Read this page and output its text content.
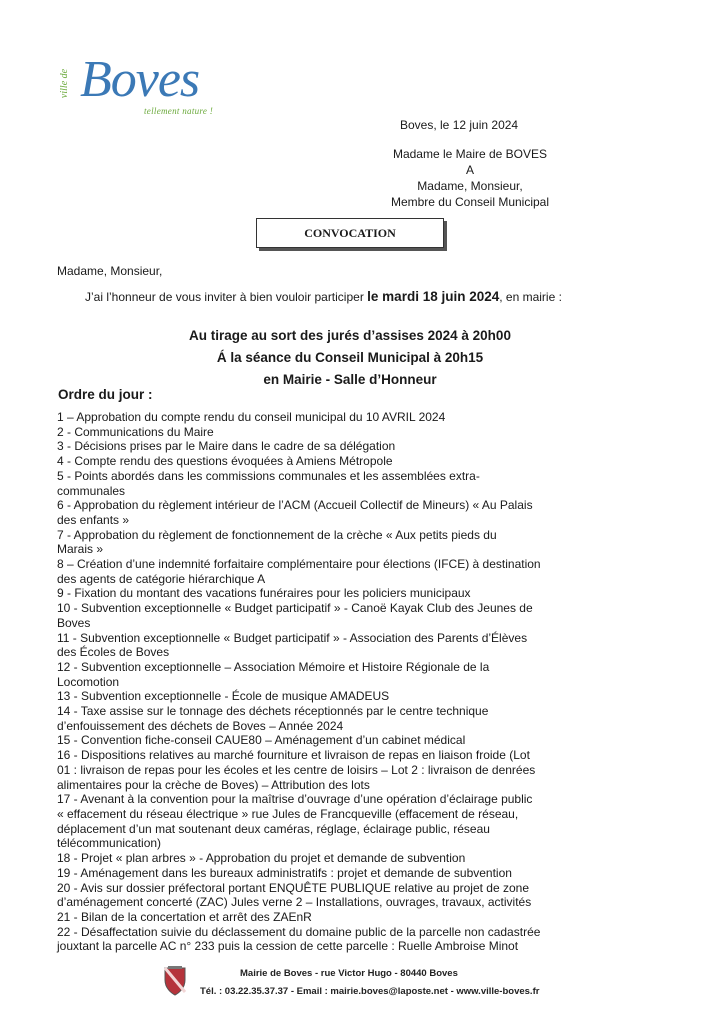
ville de Boves
tellement nature !
Boves, le 12 juin 2024
Madame le Maire de BOVES
A
Madame, Monsieur,
Membre du Conseil Municipal
CONVOCATION
Madame, Monsieur,
J’ai l’honneur de vous inviter à bien vouloir participer le mardi 18 juin 2024, en mairie :
Au tirage au sort des jurés d’assises 2024 à 20h00
Á la séance du Conseil Municipal à 20h15
en Mairie - Salle d’Honneur
Ordre du jour :
1 – Approbation du compte rendu du conseil municipal du 10 AVRIL 2024
2 - Communications du Maire
3 - Décisions prises par le Maire dans le cadre de sa délégation
4 - Compte rendu des questions évoquées à Amiens Métropole
5 - Points abordés dans les commissions communales et les assemblées extra-
communales
6 - Approbation du règlement intérieur de l’ACM (Accueil Collectif de Mineurs) « Au Palais
des enfants »
7 - Approbation du règlement de fonctionnement de la crèche « Aux petits pieds du
Marais »
8 – Création d’une indemnité forfaitaire complémentaire pour élections (IFCE) à destination
des agents de catégorie hiérarchique A
9 - Fixation du montant des vacations funéraires pour les policiers municipaux
10 - Subvention exceptionnelle « Budget participatif » - Canoë Kayak Club des Jeunes de
Boves
11 - Subvention exceptionnelle « Budget participatif » - Association des Parents d’Élèves
des Écoles de Boves
12 - Subvention exceptionnelle – Association Mémoire et Histoire Régionale de la
Locomotion
13 - Subvention exceptionnelle - École de musique AMADEUS
14 - Taxe assise sur le tonnage des déchets réceptionnés par le centre technique
d’enfouissement des déchets de Boves – Année 2024
15 - Convention fiche-conseil CAUE80 – Aménagement d’un cabinet médical
16 - Dispositions relatives au marché fourniture et livraison de repas en liaison froide (Lot
01 : livraison de repas pour les écoles et les centre de loisirs – Lot 2 : livraison de denrées
alimentaires pour la crèche de Boves) – Attribution des lots
17 - Avenant à la convention pour la maîtrise d’ouvrage d’une opération d’éclairage public
« effacement du réseau électrique » rue Jules de Francqueville (effacement de réseau,
déplacement d’un mat soutenant deux caméras, réglage, éclairage public, réseau
télécommunication)
18 - Projet « plan arbres » - Approbation du projet et demande de subvention
19 - Aménagement dans les bureaux administratifs : projet et demande de subvention
20 - Avis sur dossier préfectoral portant ENQUÊTE PUBLIQUE relative au projet de zone
d’aménagement concerté (ZAC) Jules verne 2 – Installations, ouvrages, travaux, activités
21 - Bilan de la concertation et arrêt des ZAEnR
22 - Désaffectation suivie du déclassement du domaine public de la parcelle non cadastrée
jouxtant la parcelle AC n° 233 puis la cession de cette parcelle : Ruelle Ambroise Minot
Mairie de Boves - rue Victor Hugo - 80440 Boves
Tél. : 03.22.35.37.37 - Email : mairie.boves@laposte.net - www.ville-boves.fr
